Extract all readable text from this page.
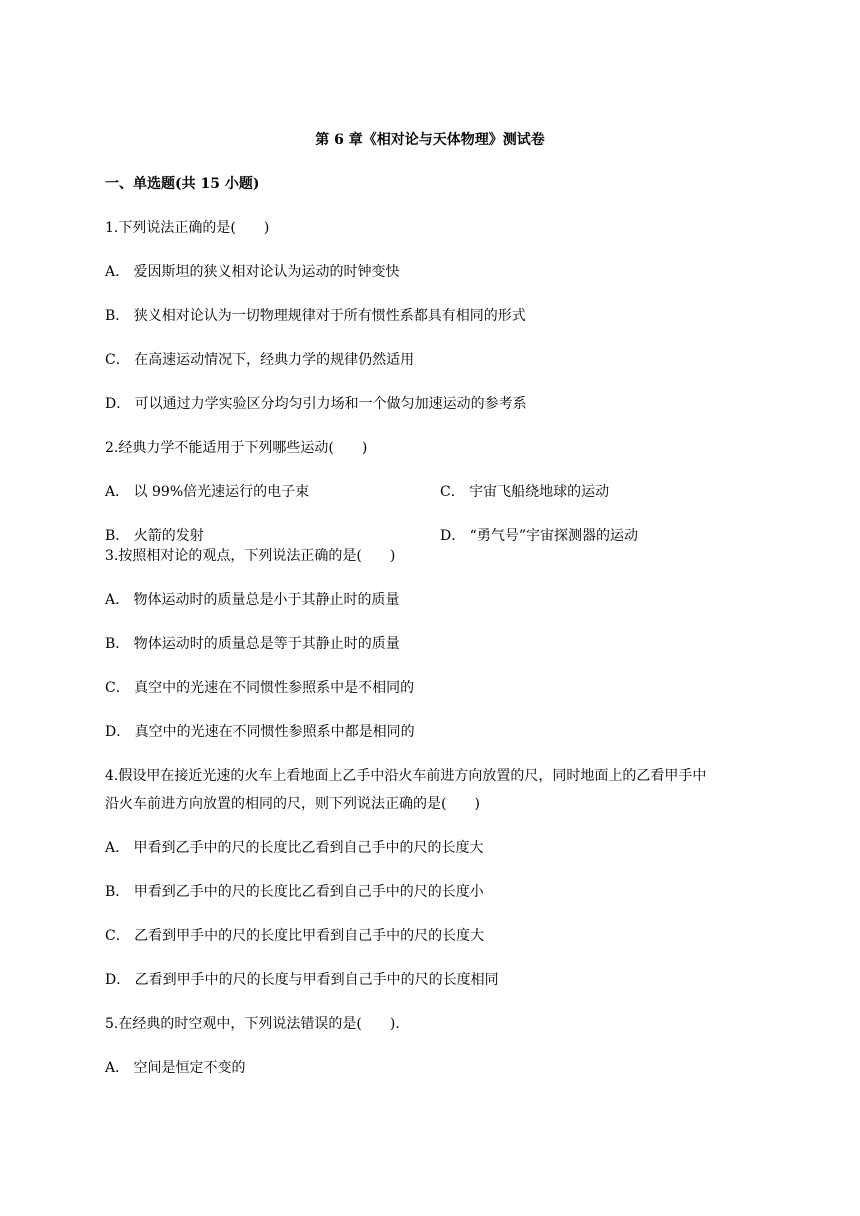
第 6 章《相对论与天体物理》测试卷
一、单选题(共 15 小题)
1.下列说法正确的是(　　)
A． 爱因斯坦的狭义相对论认为运动的时钟变快
B． 狭义相对论认为一切物理规律对于所有惯性系都具有相同的形式
C． 在高速运动情况下，经典力学的规律仍然适用
D． 可以通过力学实验区分均匀引力场和一个做匀加速运动的参考系
2.经典力学不能适用于下列哪些运动(　　)
A． 以 99%倍光速运行的电子束	C． 宇宙飞船绕地球的运动
B． 火箭的发射	D． “勇气号”宇宙探测器的运动
3.按照相对论的观点，下列说法正确的是(　　)
A． 物体运动时的质量总是小于其静止时的质量
B． 物体运动时的质量总是等于其静止时的质量
C． 真空中的光速在不同惯性参照系中是不相同的
D． 真空中的光速在不同惯性参照系中都是相同的
4.假设甲在接近光速的火车上看地面上乙手中沿火车前进方向放置的尺，同时地面上的乙看甲手中
沿火车前进方向放置的相同的尺，则下列说法正确的是(　　)
A． 甲看到乙手中的尺的长度比乙看到自己手中的尺的长度大
B． 甲看到乙手中的尺的长度比乙看到自己手中的尺的长度小
C． 乙看到甲手中的尺的长度比甲看到自己手中的尺的长度大
D． 乙看到甲手中的尺的长度与甲看到自己手中的尺的长度相同
5.在经典的时空观中，下列说法错误的是(　　).
A． 空间是恒定不变的
